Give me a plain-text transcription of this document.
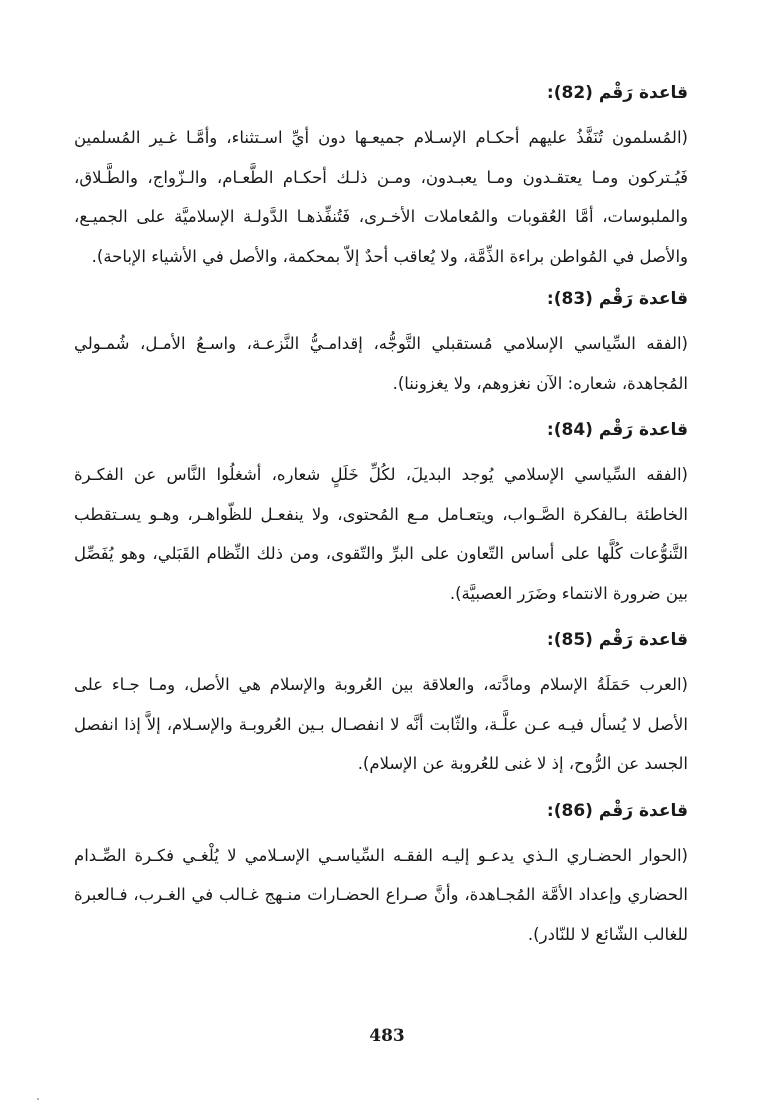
قاعدة رَقْم (82):

(المُسلمون تُنَفَّذُ عليهم أحكـام الإسـلام جميعـها دون أيِّ اسـتثناء، وأمَّـا غـير المُسلمين فَيُـتركون ومـا يعتقـدون ومـا يعبـدون، ومـن ذلـك أحكـام الطَّعـام، والـزّواج، والطَّـلاق، والملبوسات، أمَّا العُقوبات والمُعاملات الأخـرى، فَتُنفِّذهـا الدَّولـة الإسلاميَّة على الجميـع، والأصل في المُواطن براءة الذِّمَّة، ولا يُعاقب أحدٌ إلاّ بمحكمة، والأصل في الأشياء الإباحة).

قاعدة رَقْم (83):

(الفقه السِّياسي الإسلامي مُستقبلي التَّوجُّه، إقدامـيُّ النَّزعـة، واسـعُ الأمـل، شُمـولي المُجاهدة، شعاره: الآن نغزوهم، ولا يغزوننا).

قاعدة رَقْم (84):

(الفقه السِّياسي الإسلامي يُوجد البديلَ، لكُلِّ خَلَلٍ شعاره، أشغلُوا النَّاس عن الفكـرة الخاطئة بـالفكرة الصَّـواب، ويتعـامل مـع المُحتوى، ولا ينفعـل للظّواهـر، وهـو يسـتقطب التَّنوُّعات كُلَّها على أساس التّعاون على البرِّ والتّقوى، ومن ذلك النِّظام القَبَلي، وهو يُفَصِّل بين ضرورة الانتماء وضَرَر العصبيَّة).

قاعدة رَقْم (85):

(العرب حَمَلَةُ الإسلام ومادَّته، والعلاقة بين العُروبة والإسلام هي الأصل، ومـا جـاء على الأصل لا يُسأل فيـه عـن علَّـة، والثّابت أنَّه لا انفصـال بـين العُروبـة والإسـلام، إلاَّ إذا انفصل الجسد عن الرُّوح، إذ لا غنى للعُروبة عن الإسلام).

قاعدة رَقْم (86):

(الحوار الحضـاري الـذي يدعـو إليـه الفقـه السِّياسـي الإسـلامي لا يُلْغـي فكـرة الصِّـدام الحضاري وإعداد الأمَّة المُجـاهدة، وأنَّ صـراع الحضـارات منـهج غـالب في الغـرب، فـالعبرة للغالب الشّائع لا للنّادر).

483
